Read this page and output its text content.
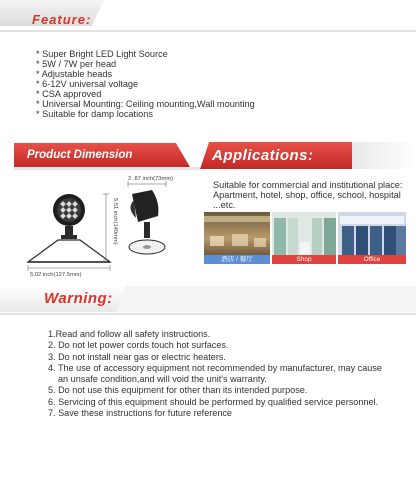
Feature:
* Super Bright LED Light Source
* 5W / 7W per head
* Adjustable heads
* 6-12V universal voltage
* CSA approved
* Universal Mounting: Ceiling mounting,Wall mounting
* Suitable for damp locations
Product Dimension	Applications:
2. 87 inch(73mm)
5.51 inch(140mm)
5.02 inch(127.5mm)
Suitable for commercial and institutional place: Apartment, hotel, shop, office, school, hospital ...etc.
酒店 / 餐厅	Shop	Office
Warning:
1.Read and follow all safety instructions.
2. Do not let power cords touch hot surfaces.
3. Do not install near gas or electric heaters.
4. The use of accessory equipment not recommended by manufacturer, may cause
an unsafe condition,and will void the unit's warranty.
5. Do not use this equipment for other than its intended purpose.
6. Servicing of this equipment should be performed by qualified service personnel.
7. Save these instructions for future reference
